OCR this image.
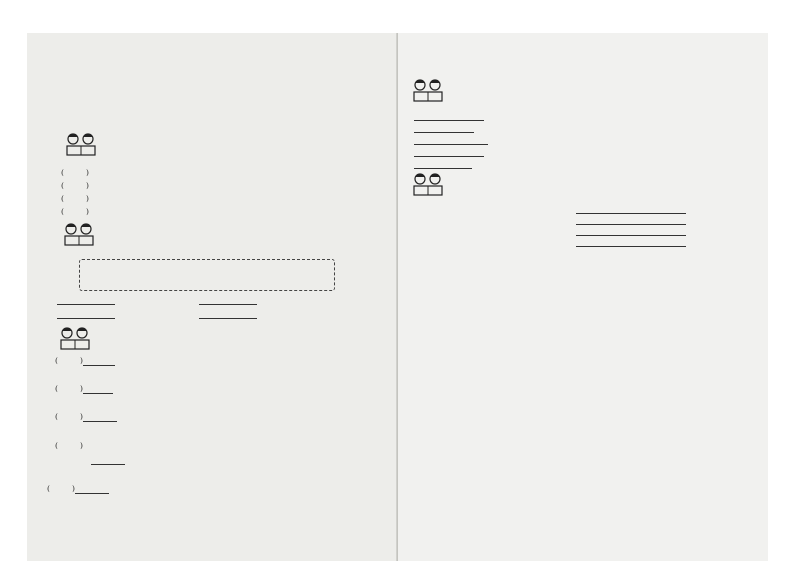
(	)
(	)
(	)
(	)
(	)
(	)
(	)
(	)
(	)
